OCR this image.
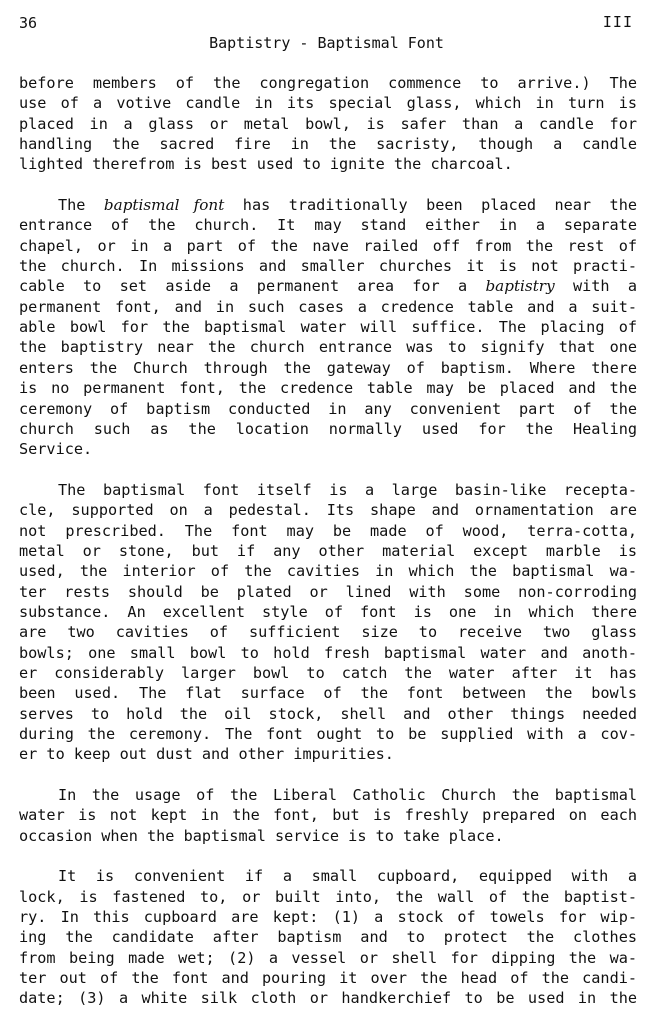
36	III
Baptistry - Baptismal Font
before members of the congregation commence to arrive.) The
use of a votive candle in its special glass, which in turn is
placed in a glass or metal bowl, is safer than a candle for
handling the sacred fire in the sacristy, though a candle
lighted therefrom is best used to ignite the charcoal.
The baptismal font has traditionally been placed near the
entrance of the church. It may stand either in a separate
chapel, or in a part of the nave railed off from the rest of
the church. In missions and smaller churches it is not practi-
cable to set aside a permanent area for a baptistry with a
permanent font, and in such cases a credence table and a suit-
able bowl for the baptismal water will suffice. The placing of
the baptistry near the church entrance was to signify that one
enters the Church through the gateway of baptism. Where there
is no permanent font, the credence table may be placed and the
ceremony of baptism conducted in any convenient part of the
church such as the location normally used for the Healing
Service.
The baptismal font itself is a large basin-like recepta-
cle, supported on a pedestal. Its shape and ornamentation are
not prescribed. The font may be made of wood, terra-cotta,
metal or stone, but if any other material except marble is
used, the interior of the cavities in which the baptismal wa-
ter rests should be plated or lined with some non-corroding
substance. An excellent style of font is one in which there
are two cavities of sufficient size to receive two glass
bowls; one small bowl to hold fresh baptismal water and anoth-
er considerably larger bowl to catch the water after it has
been used. The flat surface of the font between the bowls
serves to hold the oil stock, shell and other things needed
during the ceremony. The font ought to be supplied with a cov-
er to keep out dust and other impurities.
In the usage of the Liberal Catholic Church the baptismal
water is not kept in the font, but is freshly prepared on each
occasion when the baptismal service is to take place.
It is convenient if a small cupboard, equipped with a
lock, is fastened to, or built into, the wall of the baptist-
ry. In this cupboard are kept: (1) a stock of towels for wip-
ing the candidate after baptism and to protect the clothes
from being made wet; (2) a vessel or shell for dipping the wa-
ter out of the font and pouring it over the head of the candi-
date; (3) a white silk cloth or handkerchief to be used in the
